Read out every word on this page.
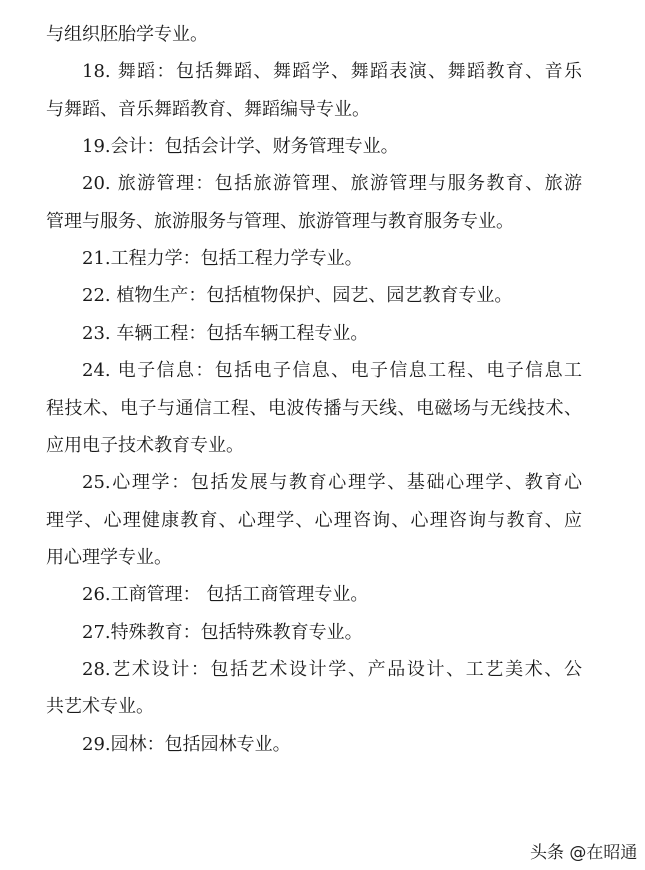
与组织胚胎学专业。
18. 舞蹈：包括舞蹈、舞蹈学、舞蹈表演、舞蹈教育、音乐
与舞蹈、音乐舞蹈教育、舞蹈编导专业。
19.会计：包括会计学、财务管理专业。
20. 旅游管理：包括旅游管理、旅游管理与服务教育、旅游
管理与服务、旅游服务与管理、旅游管理与教育服务专业。
21.工程力学：包括工程力学专业。
22. 植物生产：包括植物保护、园艺、园艺教育专业。
23. 车辆工程：包括车辆工程专业。
24. 电子信息：包括电子信息、电子信息工程、电子信息工
程技术、电子与通信工程、电波传播与天线、电磁场与无线技术、
应用电子技术教育专业。
25.心理学：包括发展与教育心理学、基础心理学、教育心
理学、心理健康教育、心理学、心理咨询、心理咨询与教育、应
用心理学专业。
26.工商管理： 包括工商管理专业。
27.特殊教育：包括特殊教育专业。
28.艺术设计：包括艺术设计学、产品设计、工艺美术、公
共艺术专业。
29.园林：包括园林专业。
头条 @在昭通
